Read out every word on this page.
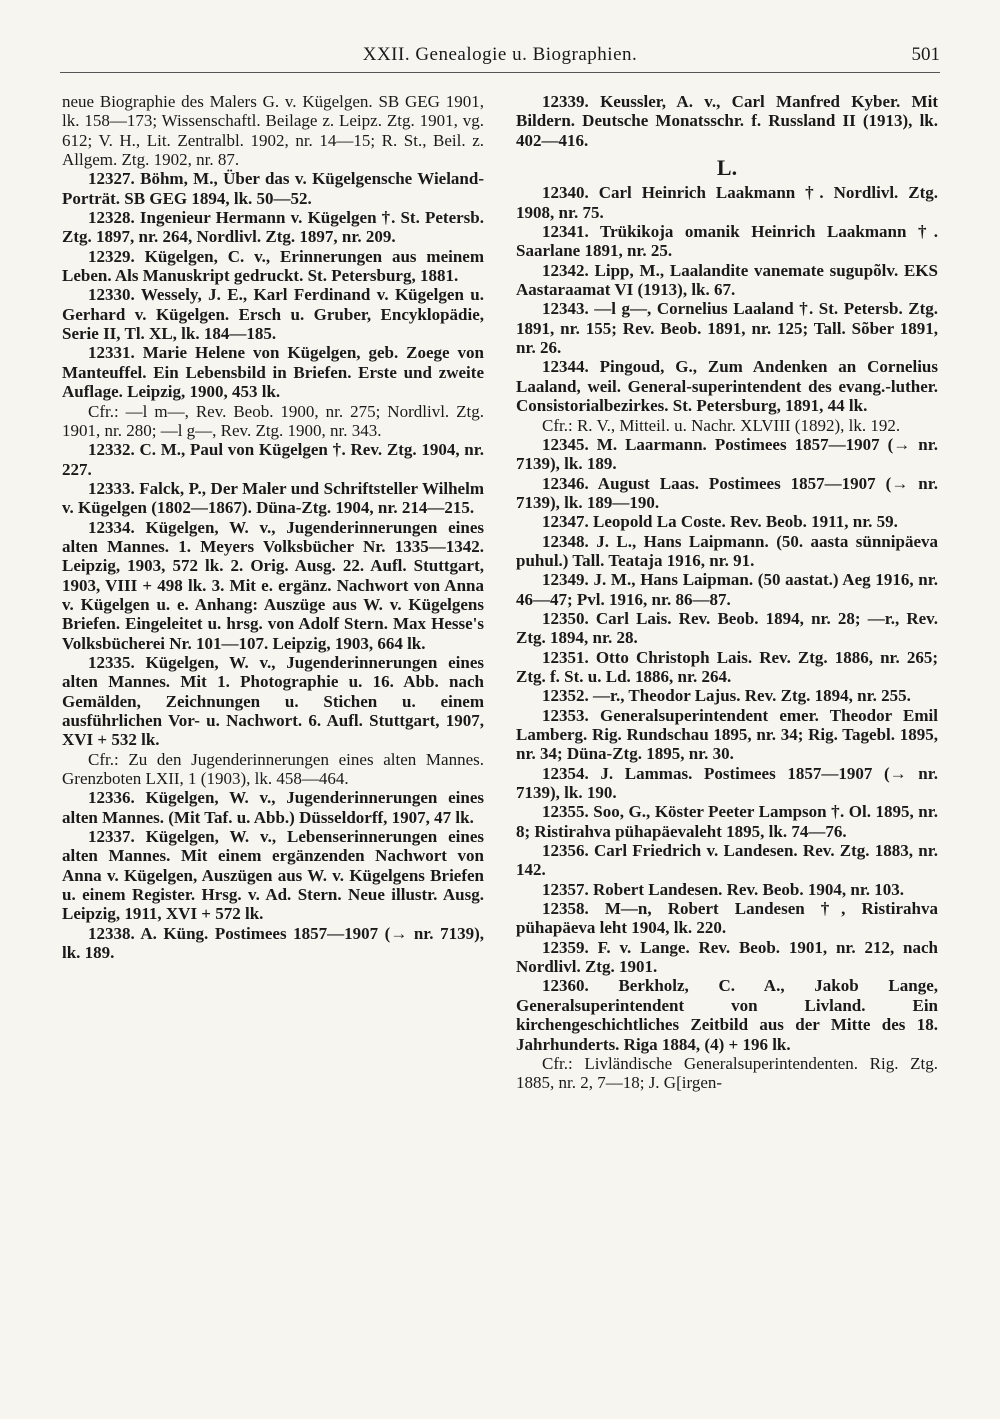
XXII. Genealogie u. Biographien.	501

neue Biographie des Malers G. v. Kügelgen. SB GEG 1901, lk. 158—173; Wissenschaftl. Beilage z. Leipz. Ztg. 1901, vg. 612; V. H., Lit. Zentralbl. 1902, nr. 14—15; R. St., Beil. z. Allgem. Ztg. 1902, nr. 87.

12327. Böhm, M., Über das v. Kügelgensche Wieland-Porträt. SB GEG 1894, lk. 50—52.

12328. Ingenieur Hermann v. Kügelgen †. St. Petersb. Ztg. 1897, nr. 264, Nordlivl. Ztg. 1897, nr. 209.

12329. Kügelgen, C. v., Erinnerungen aus meinem Leben. Als Manuskript gedruckt. St. Petersburg, 1881.

12330. Wessely, J. E., Karl Ferdinand v. Kügelgen u. Gerhard v. Kügelgen. Ersch u. Gruber, Encyklopädie, Serie II, Tl. XL, lk. 184—185.

12331. Marie Helene von Kügelgen, geb. Zoege von Manteuffel. Ein Lebensbild in Briefen. Erste und zweite Auflage. Leipzig, 1900, 453 lk.

Cfr.: —l m—, Rev. Beob. 1900, nr. 275; Nordlivl. Ztg. 1901, nr. 280; —l g—, Rev. Ztg. 1900, nr. 343.

12332. C. M., Paul von Kügelgen †. Rev. Ztg. 1904, nr. 227.

12333. Falck, P., Der Maler und Schriftsteller Wilhelm v. Kügelgen (1802—1867). Düna-Ztg. 1904, nr. 214—215.

12334. Kügelgen, W. v., Jugenderinnerungen eines alten Mannes. 1. Meyers Volksbücher Nr. 1335—1342. Leipzig, 1903, 572 lk. 2. Orig. Ausg. 22. Aufl. Stuttgart, 1903, VIII + 498 lk. 3. Mit e. ergänz. Nachwort von Anna v. Kügelgen u. e. Anhang: Auszüge aus W. v. Kügelgens Briefen. Eingeleitet u. hrsg. von Adolf Stern. Max Hesse's Volksbücherei Nr. 101—107. Leipzig, 1903, 664 lk.

12335. Kügelgen, W. v., Jugenderinnerungen eines alten Mannes. Mit 1. Photographie u. 16. Abb. nach Gemälden, Zeichnungen u. Stichen u. einem ausführlichen Vor- u. Nachwort. 6. Aufl. Stuttgart, 1907, XVI + 532 lk.

Cfr.: Zu den Jugenderinnerungen eines alten Mannes. Grenzboten LXII, 1 (1903), lk. 458—464.

12336. Kügelgen, W. v., Jugenderinnerungen eines alten Mannes. (Mit Taf. u. Abb.) Düsseldorff, 1907, 47 lk.

12337. Kügelgen, W. v., Lebenserinnerungen eines alten Mannes. Mit einem ergänzenden Nachwort von Anna v. Kügelgen, Auszügen aus W. v. Kügelgens Briefen u. einem Register. Hrsg. v. Ad. Stern. Neue illustr. Ausg. Leipzig, 1911, XVI + 572 lk.

12338. A. Küng. Postimees 1857—1907 (→ nr. 7139), lk. 189.

12339. Keussler, A. v., Carl Manfred Kyber. Mit Bildern. Deutsche Monatsschr. f. Russland II (1913), lk. 402—416.

L.

12340. Carl Heinrich Laakmann †. Nordlivl. Ztg. 1908, nr. 75.

12341. Trükikoja omanik Heinrich Laakmann †. Saarlane 1891, nr. 25.

12342. Lipp, M., Laalandite vanemate sugupõlv. EKS Aastaraamat VI (1913), lk. 67.

12343. —l g—, Cornelius Laaland †. St. Petersb. Ztg. 1891, nr. 155; Rev. Beob. 1891, nr. 125; Tall. Sõber 1891, nr. 26.

12344. Pingoud, G., Zum Andenken an Cornelius Laaland, weil. General-superintendent des evang.-luther. Consistorialbezirkes. St. Petersburg, 1891, 44 lk.

Cfr.: R. V., Mitteil. u. Nachr. XLVIII (1892), lk. 192.

12345. M. Laarmann. Postimees 1857—1907 (→ nr. 7139), lk. 189.

12346. August Laas. Postimees 1857—1907 (→ nr. 7139), lk. 189—190.

12347. Leopold La Coste. Rev. Beob. 1911, nr. 59.

12348. J. L., Hans Laipmann. (50. aasta sünnipäeva puhul.) Tall. Teataja 1916, nr. 91.

12349. J. M., Hans Laipman. (50 aastat.) Aeg 1916, nr. 46—47; Pvl. 1916, nr. 86—87.

12350. Carl Lais. Rev. Beob. 1894, nr. 28; —r., Rev. Ztg. 1894, nr. 28.

12351. Otto Christoph Lais. Rev. Ztg. 1886, nr. 265; Ztg. f. St. u. Ld. 1886, nr. 264.

12352. —r., Theodor Lajus. Rev. Ztg. 1894, nr. 255.

12353. Generalsuperintendent emer. Theodor Emil Lamberg. Rig. Rundschau 1895, nr. 34; Rig. Tagebl. 1895, nr. 34; Düna-Ztg. 1895, nr. 30.

12354. J. Lammas. Postimees 1857—1907 (→ nr. 7139), lk. 190.

12355. Soo, G., Köster Peeter Lampson †. Ol. 1895, nr. 8; Ristirahva pühapäevaleht 1895, lk. 74—76.

12356. Carl Friedrich v. Landesen. Rev. Ztg. 1883, nr. 142.

12357. Robert Landesen. Rev. Beob. 1904, nr. 103.

12358. M—n, Robert Landesen †, Ristirahva pühapäeva leht 1904, lk. 220.

12359. F. v. Lange. Rev. Beob. 1901, nr. 212, nach Nordlivl. Ztg. 1901.

12360. Berkholz, C. A., Jakob Lange, Generalsuperintendent von Livland. Ein kirchengeschichtliches Zeitbild aus der Mitte des 18. Jahrhunderts. Riga 1884, (4) + 196 lk.

Cfr.: Livländische Generalsuperintendenten. Rig. Ztg. 1885, nr. 2, 7—18; J. G[irgen-
